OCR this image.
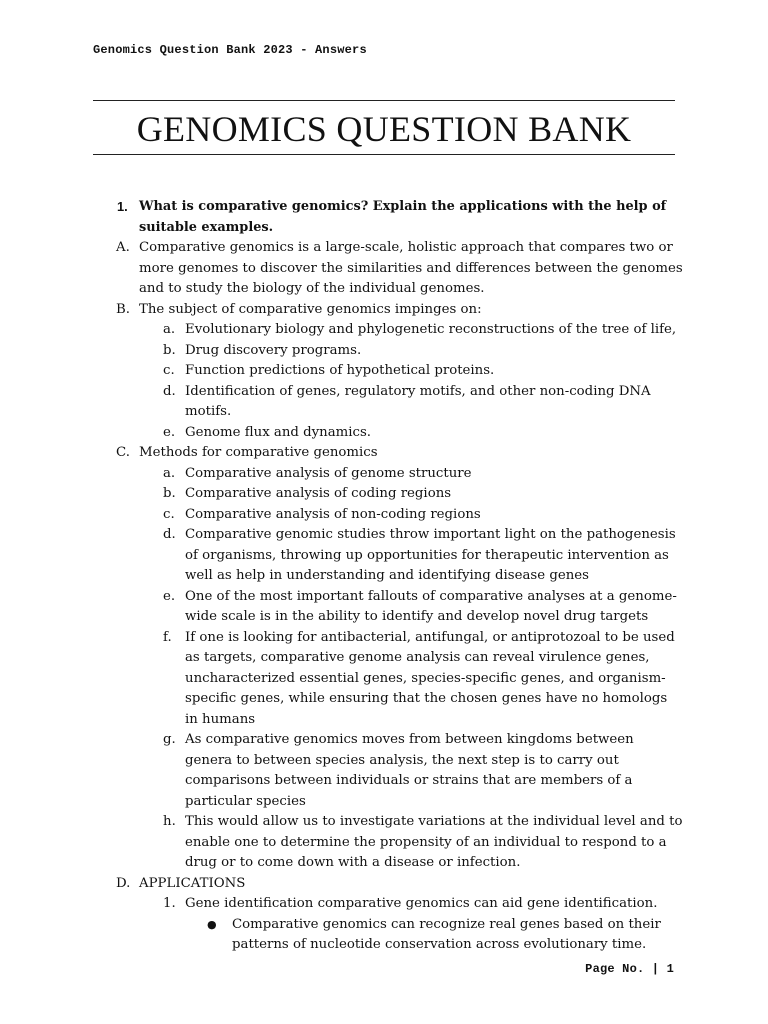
Genomics Question Bank 2023 - Answers
GENOMICS QUESTION BANK
1. What is comparative genomics? Explain the applications with the help of suitable examples.
A. Comparative genomics is a large-scale, holistic approach that compares two or more genomes to discover the similarities and differences between the genomes and to study the biology of the individual genomes.
B. The subject of comparative genomics impinges on:
a. Evolutionary biology and phylogenetic reconstructions of the tree of life,
b. Drug discovery programs.
c. Function predictions of hypothetical proteins.
d. Identification of genes, regulatory motifs, and other non-coding DNA motifs.
e. Genome flux and dynamics.
C. Methods for comparative genomics
a. Comparative analysis of genome structure
b. Comparative analysis of coding regions
c. Comparative analysis of non-coding regions
d. Comparative genomic studies throw important light on the pathogenesis of organisms, throwing up opportunities for therapeutic intervention as well as help in understanding and identifying disease genes
e. One of the most important fallouts of comparative analyses at a genome-wide scale is in the ability to identify and develop novel drug targets
f. If one is looking for antibacterial, antifungal, or antiprotozoal to be used as targets, comparative genome analysis can reveal virulence genes, uncharacterized essential genes, species-specific genes, and organism-specific genes, while ensuring that the chosen genes have no homologs in humans
g. As comparative genomics moves from between kingdoms between genera to between species analysis, the next step is to carry out comparisons between individuals or strains that are members of a particular species
h. This would allow us to investigate variations at the individual level and to enable one to determine the propensity of an individual to respond to a drug or to come down with a disease or infection.
D. APPLICATIONS
1. Gene identification comparative genomics can aid gene identification.
● Comparative genomics can recognize real genes based on their patterns of nucleotide conservation across evolutionary time.
Page No. | 1
